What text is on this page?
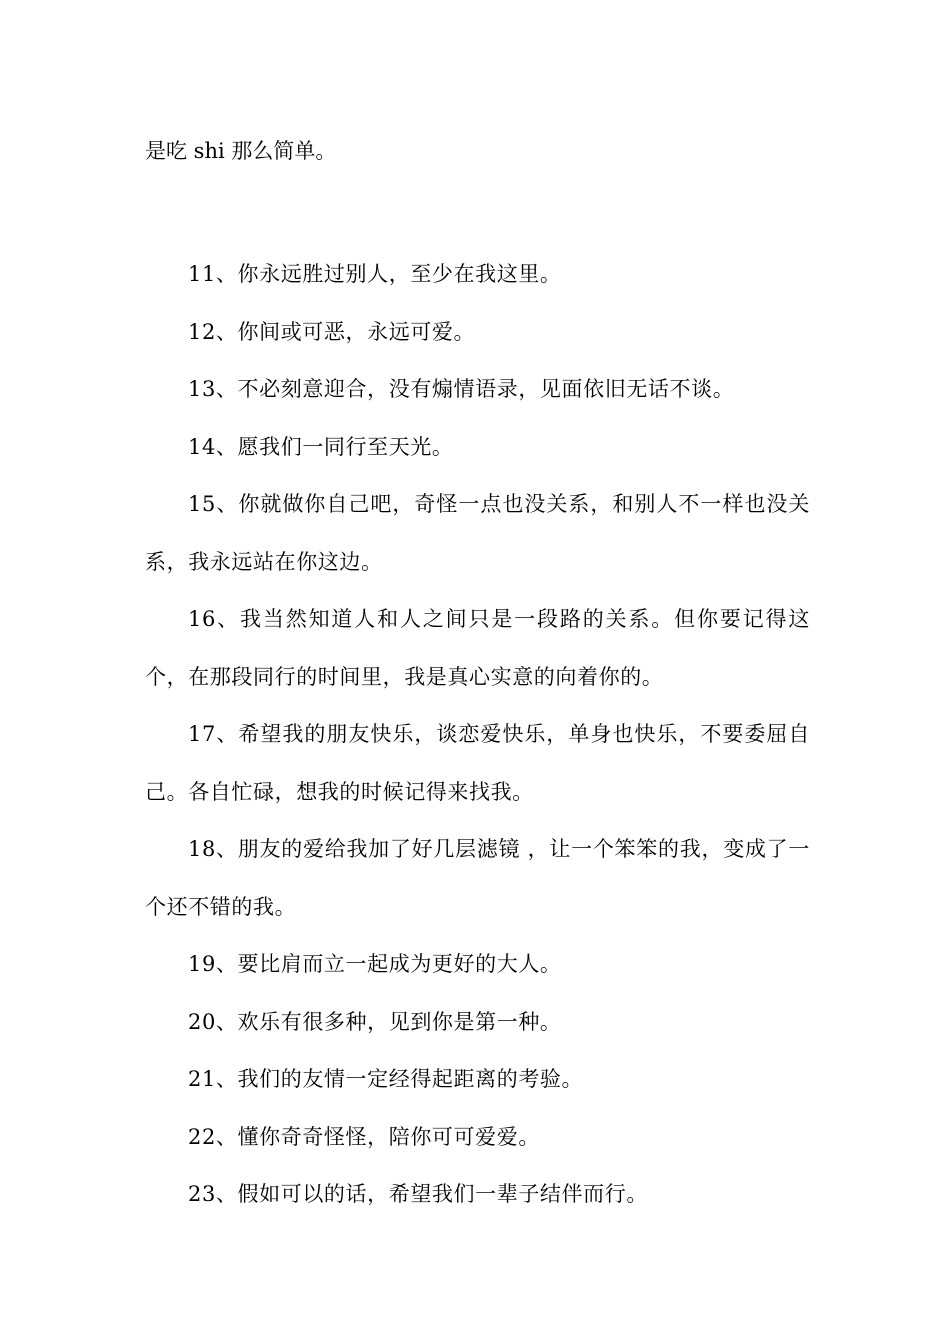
是吃 shi 那么简单。

11、你永远胜过别人，至少在我这里。

12、你间或可恶，永远可爱。

13、不必刻意迎合，没有煽情语录，见面依旧无话不谈。

14、愿我们一同行至天光。

15、你就做你自己吧，奇怪一点也没关系，和别人不一样也没关系，我永远站在你这边。

16、我当然知道人和人之间只是一段路的关系。但你要记得这个，在那段同行的时间里，我是真心实意的向着你的。

17、希望我的朋友快乐，谈恋爱快乐，单身也快乐，不要委屈自己。各自忙碌，想我的时候记得来找我。

18、朋友的爱给我加了好几层滤镜 ，让一个笨笨的我，变成了一个还不错的我。

19、要比肩而立一起成为更好的大人。

20、欢乐有很多种，见到你是第一种。

21、我们的友情一定经得起距离的考验。

22、懂你奇奇怪怪，陪你可可爱爱。

23、假如可以的话，希望我们一辈子结伴而行。
